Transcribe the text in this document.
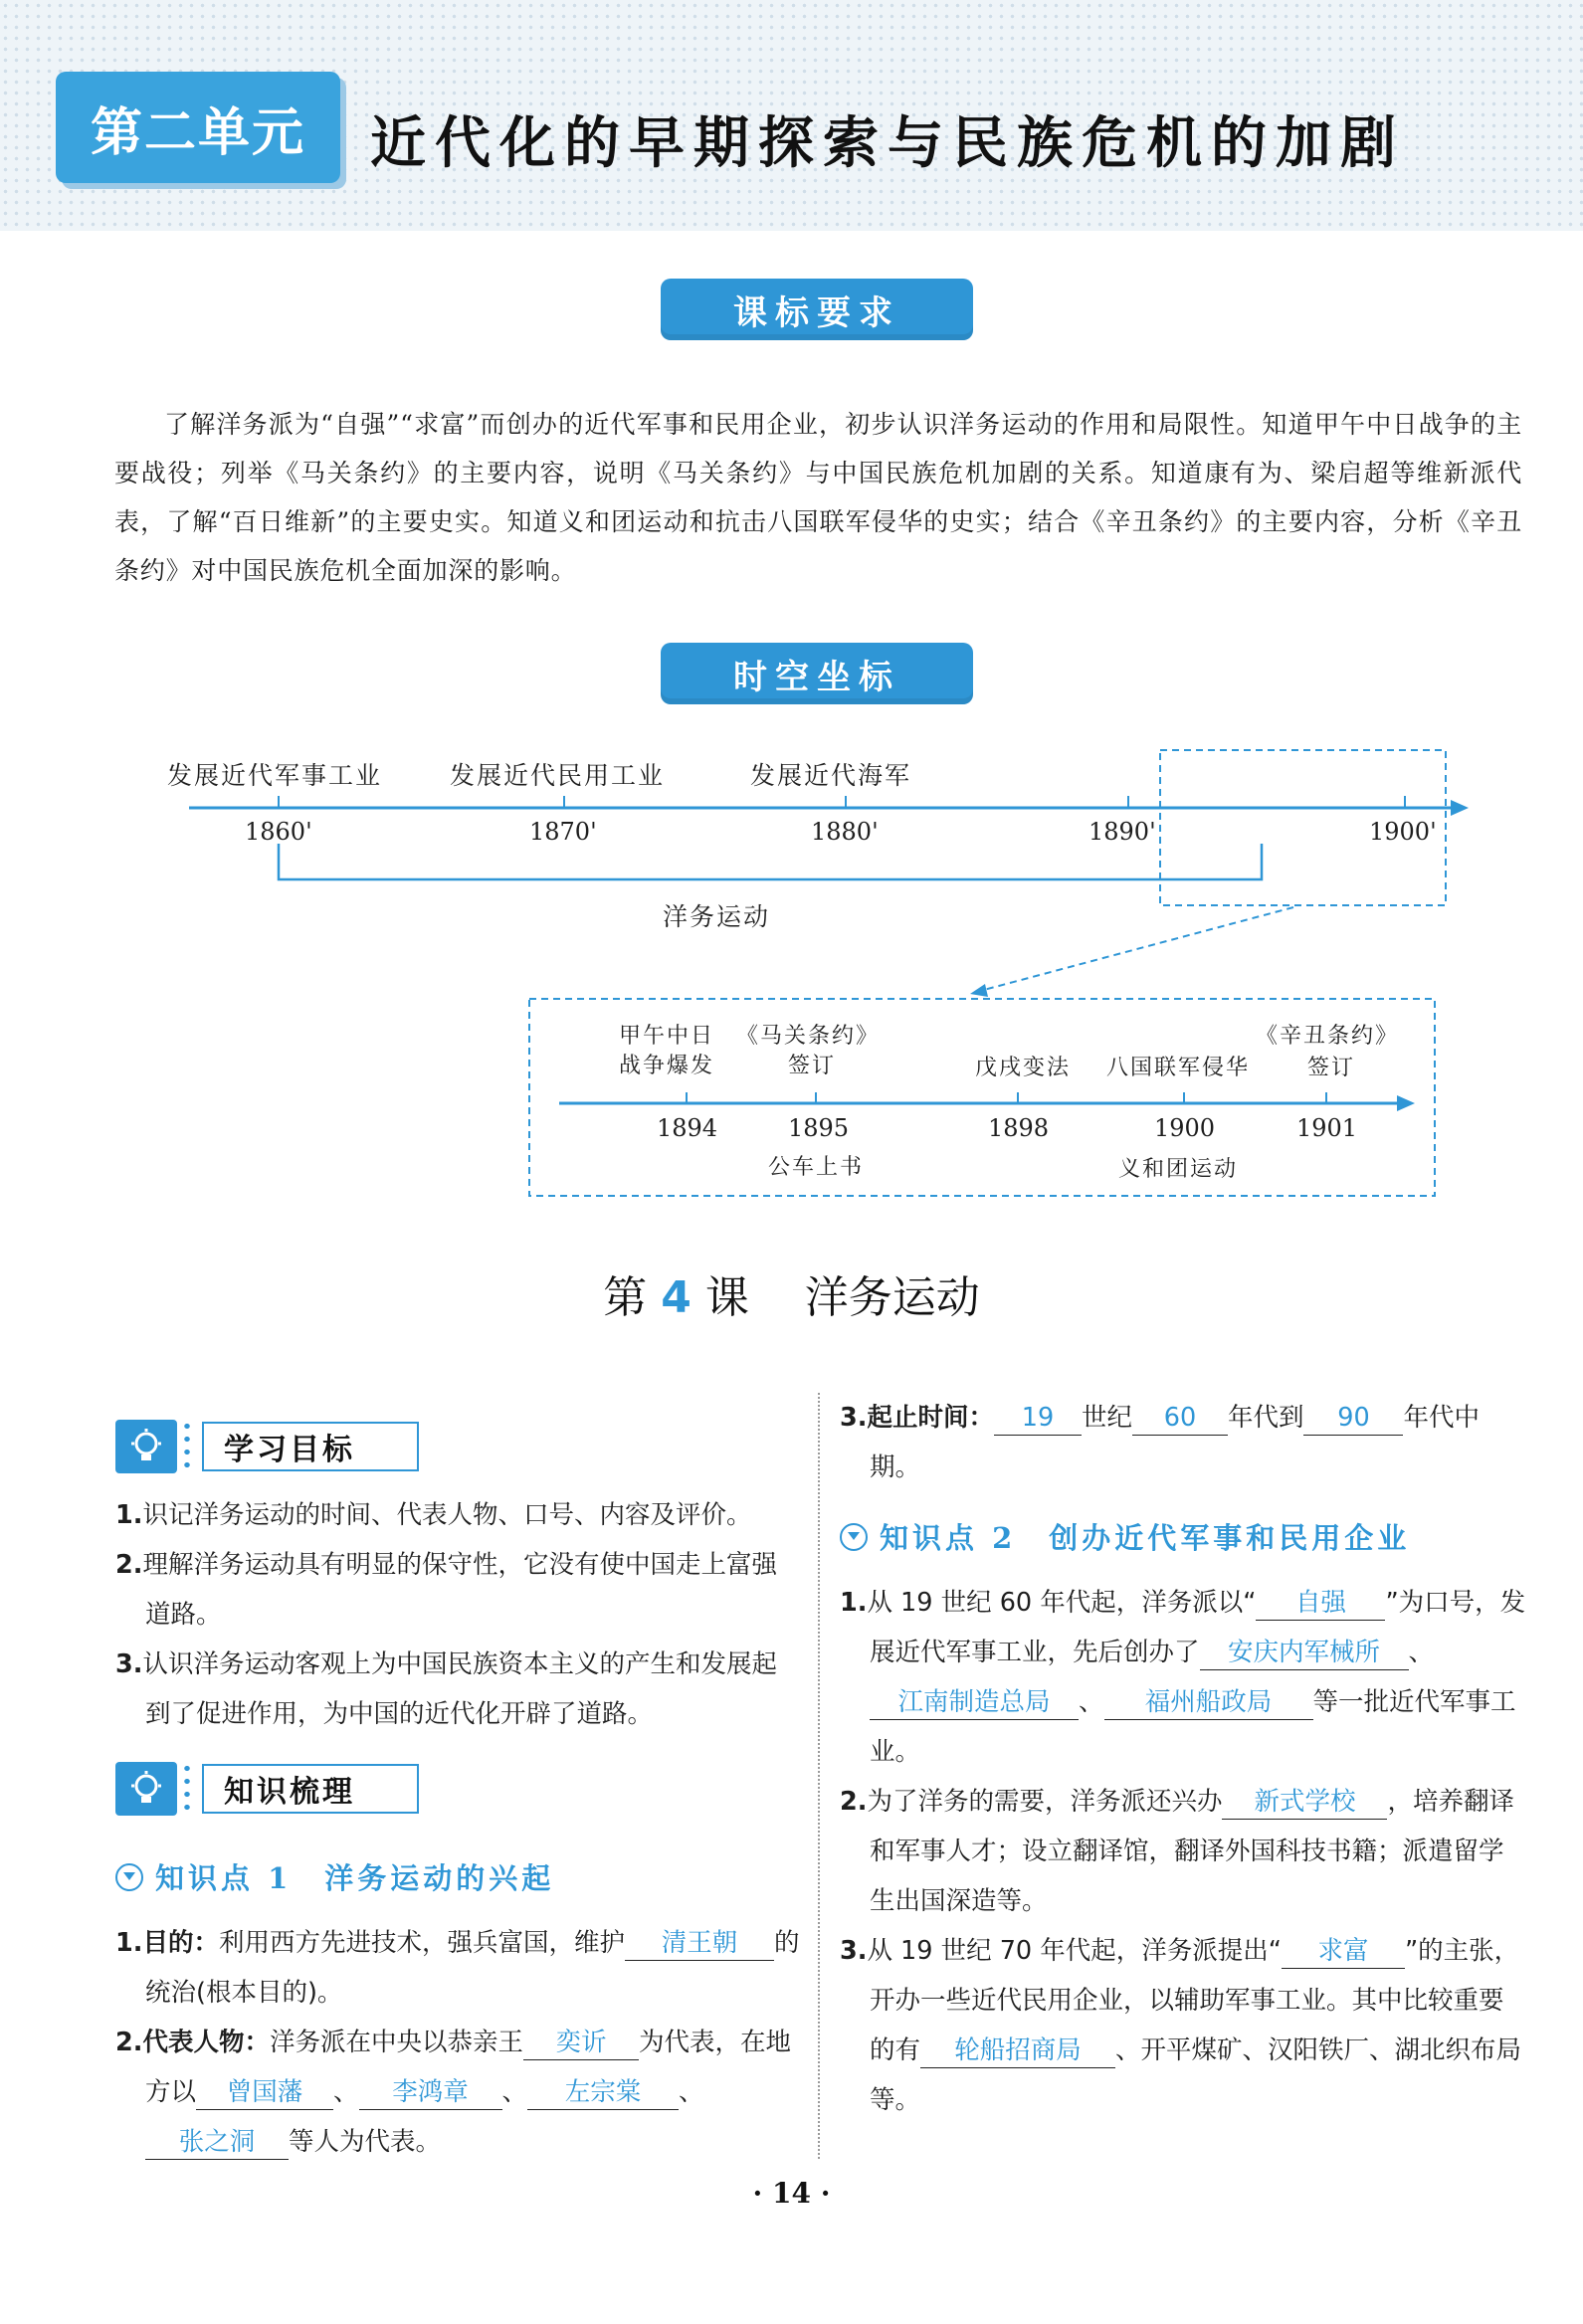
第二单元	近代化的早期探索与民族危机的加剧
课标要求
了解洋务派为“自强”“求富”而创办的近代军事和民用企业，初步认识洋务运动的作用和局限性。知道甲午中日战争的主要战役；列举《马关条约》的主要内容，说明《马关条约》与中国民族危机加剧的关系。知道康有为、梁启超等维新派代表，了解“百日维新”的主要史实。知道义和团运动和抗击八国联军侵华的史实；结合《辛丑条约》的主要内容，分析《辛丑条约》对中国民族危机全面加深的影响。
时空坐标
发展近代军事工业	发展近代民用工业	发展近代海军
1860'	1870'	1880'	1890'	1900'
洋务运动
甲午中日
战争爆发
《马关条约》
签订	戊戌变法 八国联军侵华
《辛丑条约》
签订
1894	1895	1898	1900	1901
公车上书	义和团运动
第 4 课 洋务运动
学习目标
1.识记洋务运动的时间、代表人物、口号、内容及评价。
2.理解洋务运动具有明显的保守性，它没有使中国走上富强道路。
3.认识洋务运动客观上为中国民族资本主义的产生和发展起到了促进作用，为中国的近代化开辟了道路。
知识梳理
知识点 1　洋务运动的兴起
1.目的：利用西方先进技术，强兵富国，维护 清王朝 的统治(根本目的)。
2.代表人物：洋务派在中央以恭亲王 奕䜣 为代表，在地方以 曾国藩 、 李鸿章 、 左宗棠 、张之洞 等人为代表。
3.起止时间： 19 世纪 60 年代到 90 年代中期。
知识点 2　创办近代军事和民用企业
1.从 19 世纪 60 年代起，洋务派以“ 自强 ”为口号，发展近代军事工业，先后创办了 安庆内军械所 、江南制造总局 、 福州船政局 等一批近代军事工业。
2.为了洋务的需要，洋务派还兴办 新式学校 ，培养翻译和军事人才；设立翻译馆，翻译外国科技书籍；派遣留学生出国深造等。
3.从 19 世纪 70 年代起，洋务派提出“ 求富 ”的主张，开办一些近代民用企业，以辅助军事工业。其中比较重要的有 轮船招商局 、开平煤矿、汉阳铁厂、湖北织布局等。
· 14 ·
